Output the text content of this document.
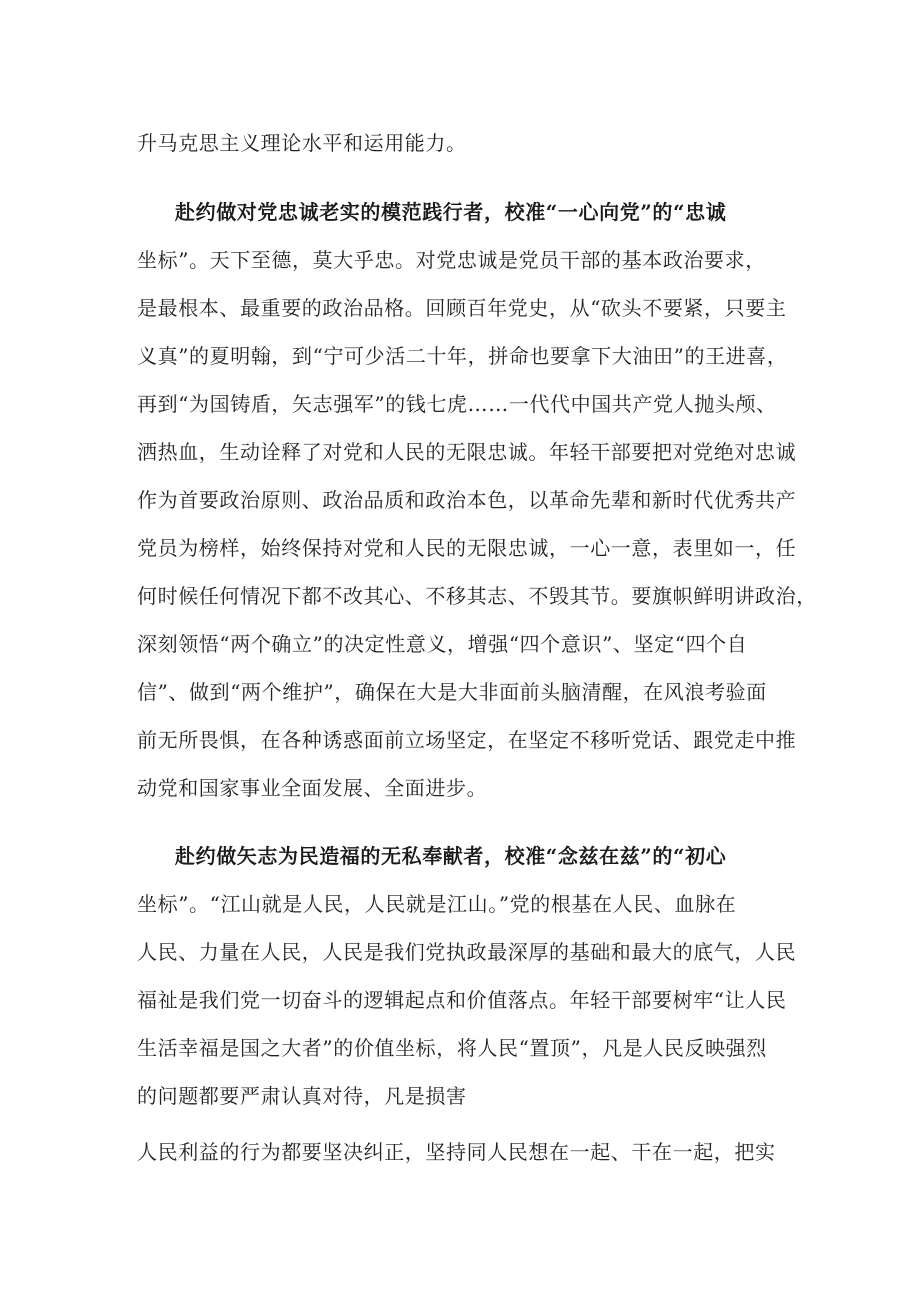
升马克思主义理论水平和运用能力。
赴约做对党忠诚老实的模范践行者，校准“一心向党”的“忠诚
坐标”。天下至德，莫大乎忠。对党忠诚是党员干部的基本政治要求，
是最根本、最重要的政治品格。回顾百年党史，从“砍头不要紧，只要主
义真”的夏明翰，到“宁可少活二十年，拼命也要拿下大油田”的王进喜，
再到“为国铸盾，矢志强军”的钱七虎……一代代中国共产党人抛头颅、
洒热血，生动诠释了对党和人民的无限忠诚。年轻干部要把对党绝对忠诚
作为首要政治原则、政治品质和政治本色，以革命先辈和新时代优秀共产
党员为榜样，始终保持对党和人民的无限忠诚，一心一意，表里如一，任
何时候任何情况下都不改其心、不移其志、不毁其节。要旗帜鲜明讲政治，
深刻领悟“两个确立”的决定性意义，增强“四个意识”、坚定“四个自
信”、做到“两个维护”，确保在大是大非面前头脑清醒，在风浪考验面
前无所畏惧，在各种诱惑面前立场坚定，在坚定不移听党话、跟党走中推
动党和国家事业全面发展、全面进步。
赴约做矢志为民造福的无私奉献者，校准“念兹在兹”的“初心
坐标”。“江山就是人民，人民就是江山。”党的根基在人民、血脉在
人民、力量在人民，人民是我们党执政最深厚的基础和最大的底气，人民
福祉是我们党一切奋斗的逻辑起点和价值落点。年轻干部要树牢“让人民
生活幸福是国之大者”的价值坐标，将人民“置顶”，凡是人民反映强烈
的问题都要严肃认真对待，凡是损害
人民利益的行为都要坚决纠正，坚持同人民想在一起、干在一起，把实
